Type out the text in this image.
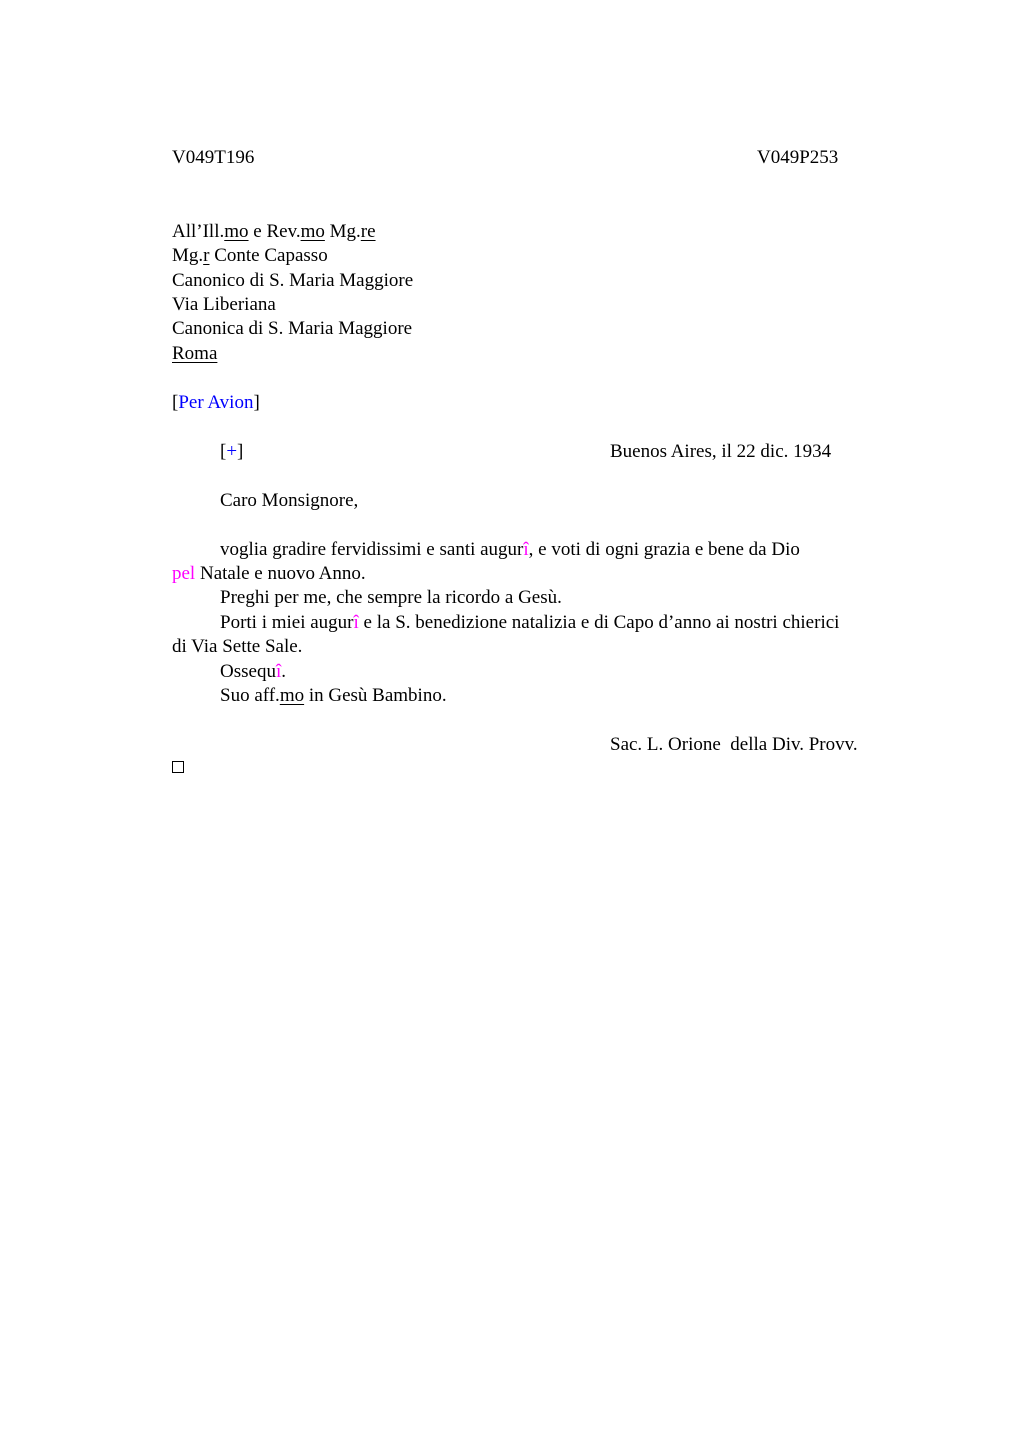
V049T196	V049P253
All’Ill.mo e Rev.mo Mg.re
Mg.r Conte Capasso
Canonico di S. Maria Maggiore
Via Liberiana
Canonica di S. Maria Maggiore
Roma
[Per Avion]
[+]	Buenos Aires, il 22 dic. 1934
Caro Monsignore,
voglia gradire fervidissimi e santi augurî, e voti di ogni grazia e bene da Dio
pel Natale e nuovo Anno.
Preghi per me, che sempre la ricordo a Gesù.
Porti i miei augurî e la S. benedizione natalizia e di Capo d’anno ai nostri chierici
di Via Sette Sale.
Ossequî.
Suo aff.mo in Gesù Bambino.
Sac. L. Orione  della Div. Provv.
